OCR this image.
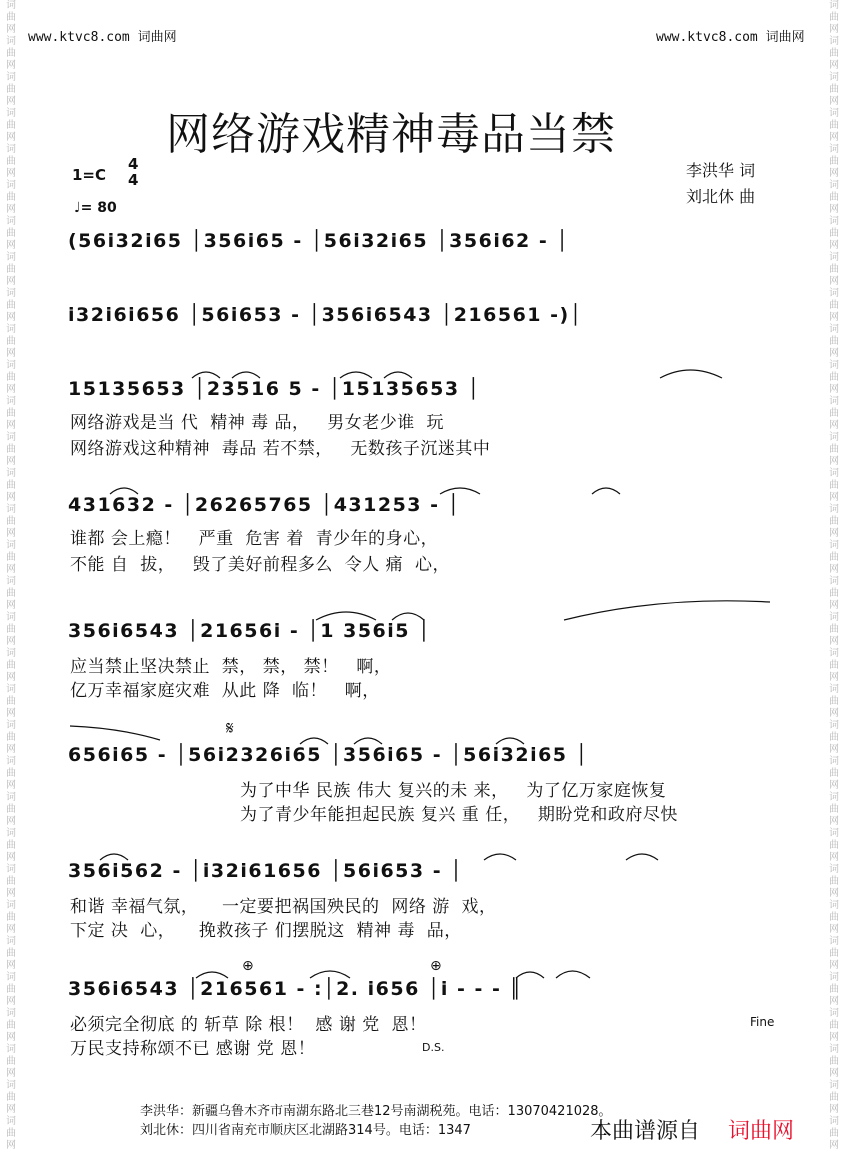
词
曲
网
词
曲
网
词
曲
网
词
曲
网
词
曲
网
词
曲
网
词
曲
网
词
曲
网
词
曲
网
词
曲
网
词
曲
网
词
曲
网
词
曲
网
词
曲
网
词
曲
网
词
曲
网
词
曲
网
词
曲
网
词
曲
网
词
曲
网
词
曲
网
词
曲
网
词
曲
网
词
曲
网
词
曲
网
词
曲
网
词
曲
网
词
曲
网
词
曲
网
词
曲
网
词
曲
网
词
曲
网
词
曲
网
词
曲
网
词
曲
网
词
曲
网
词
曲
网
词
曲
网
词
曲
网
词
曲
网
词
曲
网
词
曲
网
词
曲
网
词
曲
网
词
曲
网
词
曲
网
词
曲
网
词
曲
网
词
曲
网
词
曲
网
词
曲
网
词
曲
网
词
曲
网
词
曲
网
词
曲
网
词
曲
网
词
曲
网
词
曲
网
词
曲
网
词
曲
网
词
曲
网
词
曲
网
词
曲
网
词
曲
网
www.ktvc8.com 词曲网	www.ktvc8.com 词曲网
网络游戏精神毒品当禁
1=C
4
4
♩= 80
李洪华 词
刘北休 曲
(56i32i65 │356i65 - │56i32i65 │356i62 - │
i32i6i656 │56i653 - │356i6543 │216561 -)│
15135653 │23516 5 - │15135653 │
网络游戏是当 代  精神 毒 品，   男女老少谁  玩
网络游戏这种精神  毒品 若不禁，   无数孩子沉迷其中
431632 - │26265765 │431253 - │
谁都 会上瘾！   严重  危害 着  青少年的身心，
不能 自  拔，   毁了美好前程多么  令人 痛  心，
356i6543 │21656i - │1 356i5 │
应当禁止坚决禁止  禁， 禁， 禁！   啊，
亿万幸福家庭灾难  从此 降  临！   啊，
656i65 - │56i2326i65 │356i65 - │56i32i65 │
为了中华 民族 伟大 复兴的未 来，   为了亿万家庭恢复
为了青少年能担起民族 复兴 重 任，   期盼党和政府尽快
356i562 - │i32i61656 │56i653 - │
和谐 幸福气氛，    一定要把祸国殃民的  网络 游  戏，
下定 决  心，    挽救孩子 们摆脱这  精神 毒  品，
356i6543 │216561 - :│2. i656 │i - - - ║
必须完全彻底 的 斩草 除 根！  感 谢 党  恩！
万民支持称颂不已 感谢 党 恩！
𝄋
⊕	⊕
Fine
D.S.
李洪华：新疆乌鲁木齐市南湖东路北三巷12号南湖税苑。电话：13070421028。
刘北休：四川省南充市顺庆区北湖路314号。电话：1347	本曲谱源自 词曲网
